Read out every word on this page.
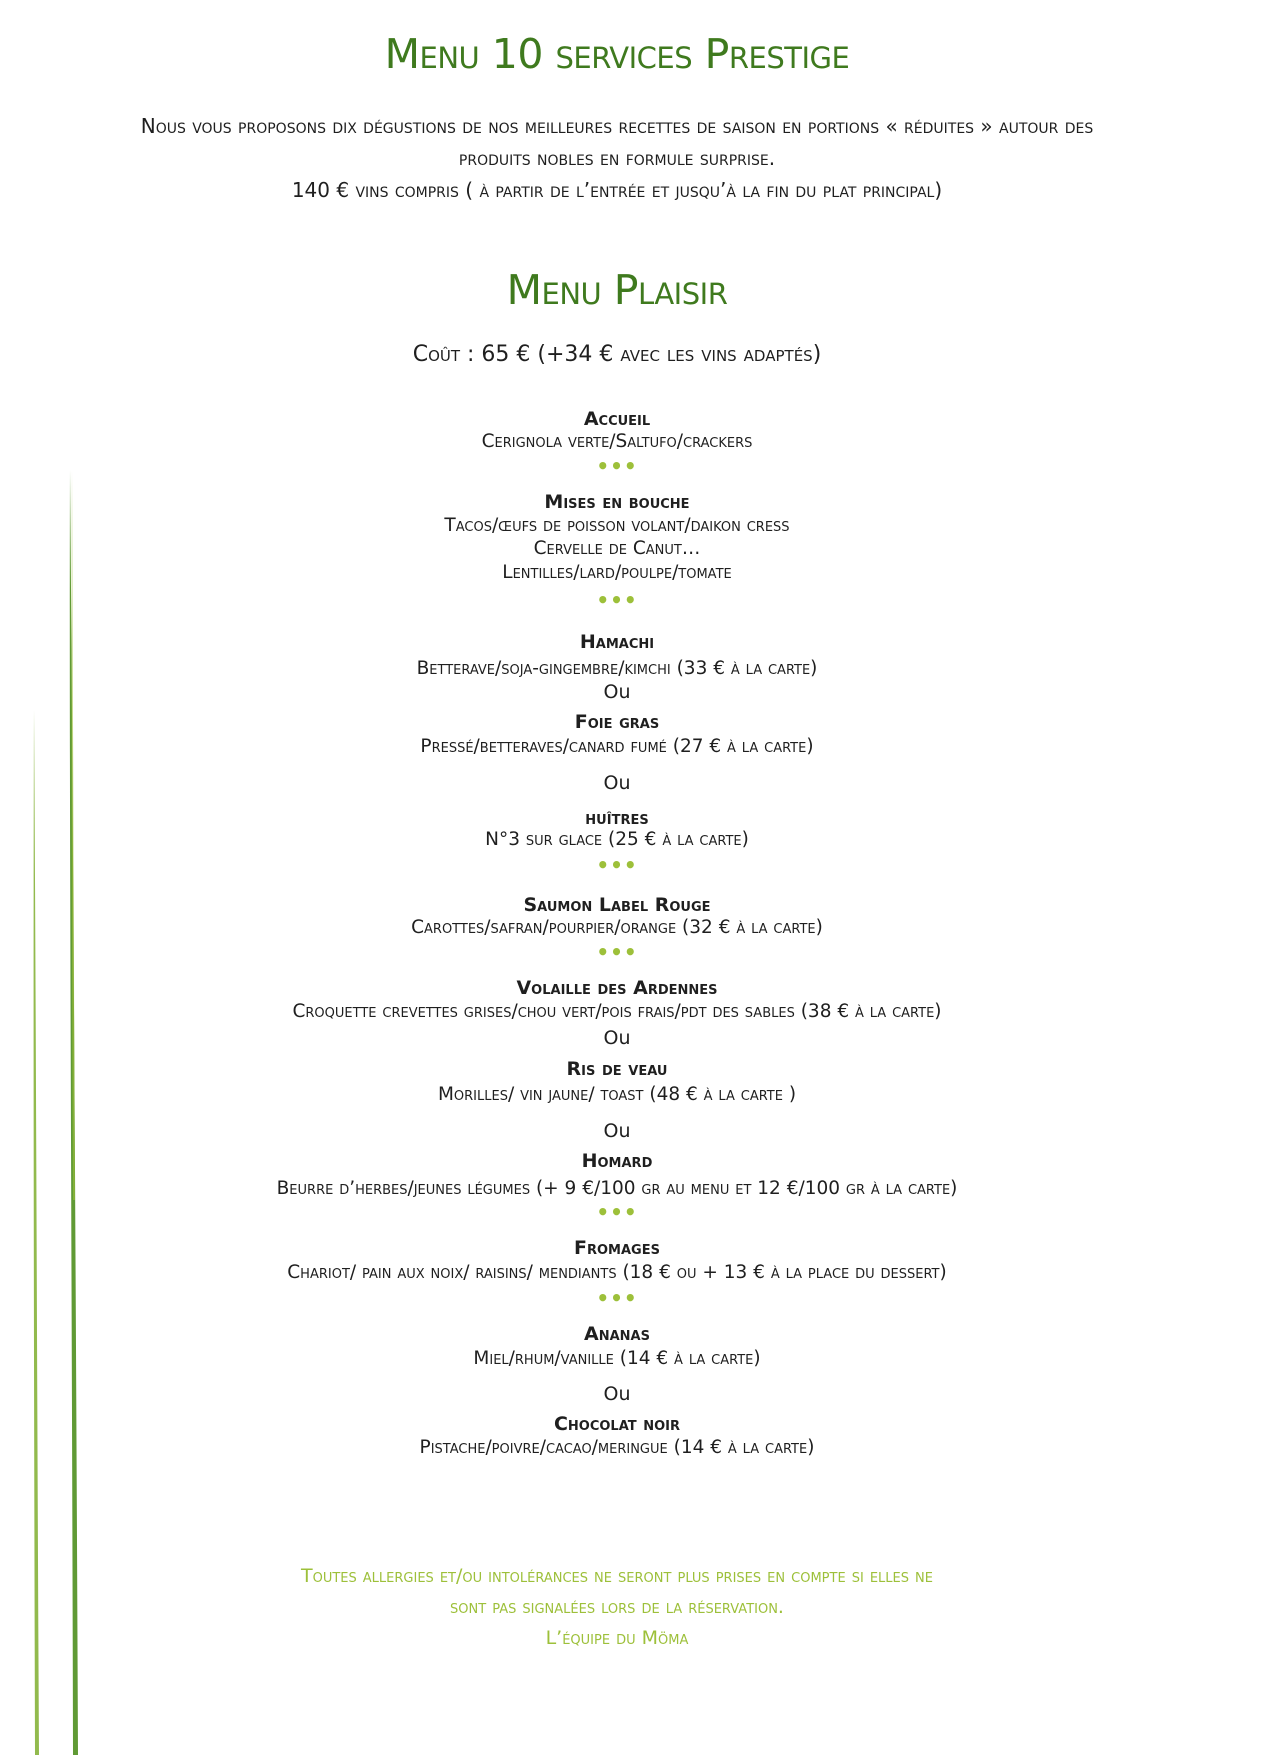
Menu 10 services Prestige
Nous vous proposons dix dégustions de nos meilleures recettes de saison en portions « réduites » autour des
produits nobles en formule surprise.
140 € vins compris ( à partir de l’entrée et jusqu’à la fin du plat principal)
Menu Plaisir
Coût : 65 € (+34 € avec les vins adaptés)
Accueil
Cerignola verte/Saltufo/crackers
•••
Mises en bouche
Tacos/œufs de poisson volant/daikon cress
Cervelle de Canut…
Lentilles/lard/poulpe/tomate
•••
Hamachi
Betterave/soja-gingembre/kimchi (33 € à la carte)
Ou
Foie gras
Pressé/betteraves/canard fumé (27 € à la carte)
Ou
huîtres
N°3 sur glace (25 € à la carte)
•••
Saumon Label Rouge
Carottes/safran/pourpier/orange (32 € à la carte)
•••
Volaille des Ardennes
Croquette crevettes grises/chou vert/pois frais/pdt des sables (38 € à la carte)
Ou
Ris de veau
Morilles/ vin jaune/ toast (48 € à la carte )
Ou
Homard
Beurre d’herbes/jeunes légumes (+ 9 €/100 gr au menu et 12 €/100 gr à la carte)
•••
Fromages
Chariot/ pain aux noix/ raisins/ mendiants (18 € ou + 13 € à la place du dessert)
•••
Ananas
Miel/rhum/vanille (14 € à la carte)
Ou
Chocolat noir
Pistache/poivre/cacao/meringue (14 € à la carte)
Toutes allergies et/ou intolérances ne seront plus prises en compte si elles ne
sont pas signalées lors de la réservation.
L’équipe du Möma
